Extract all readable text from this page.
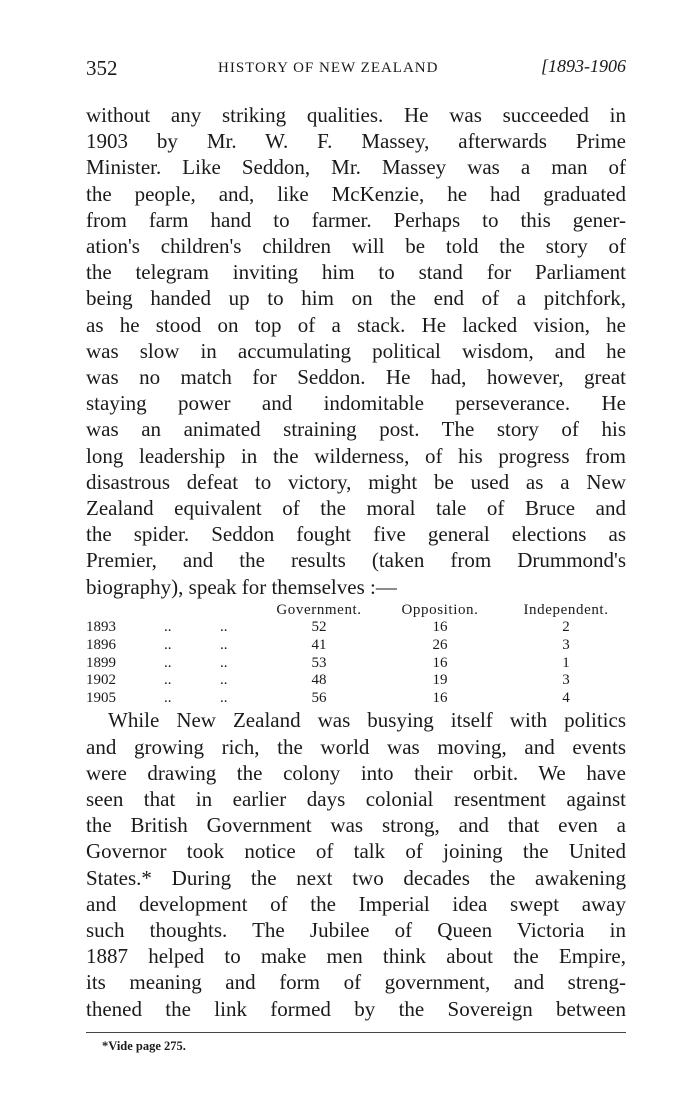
352	HISTORY OF NEW ZEALAND	[1893-1906

without any striking qualities. He was succeeded in
1903 by Mr. W. F. Massey, afterwards Prime
Minister. Like Seddon, Mr. Massey was a man of
the people, and, like McKenzie, he had graduated
from farm hand to farmer. Perhaps to this gener-
ation's children's children will be told the story of
the telegram inviting him to stand for Parliament
being handed up to him on the end of a pitchfork,
as he stood on top of a stack. He lacked vision, he
was slow in accumulating political wisdom, and he
was no match for Seddon. He had, however, great
staying power and indomitable perseverance. He
was an animated straining post. The story of his
long leadership in the wilderness, of his progress from
disastrous defeat to victory, might be used as a New
Zealand equivalent of the moral tale of Bruce and
the spider. Seddon fought five general elections as
Premier, and the results (taken from Drummond's
biography), speak for themselves :—

			Government.	Opposition.	Independent.
1893	..	..	52	16	2
1896	..	..	41	26	3
1899	..	..	53	16	1
1902	..	..	48	19	3
1905	..	..	56	16	4

While New Zealand was busying itself with politics
and growing rich, the world was moving, and events
were drawing the colony into their orbit. We have
seen that in earlier days colonial resentment against
the British Government was strong, and that even a
Governor took notice of talk of joining the United
States.* During the next two decades the awakening
and development of the Imperial idea swept away
such thoughts. The Jubilee of Queen Victoria in
1887 helped to make men think about the Empire,
its meaning and form of government, and streng-
thened the link formed by the Sovereign between

*Vide page 275.
